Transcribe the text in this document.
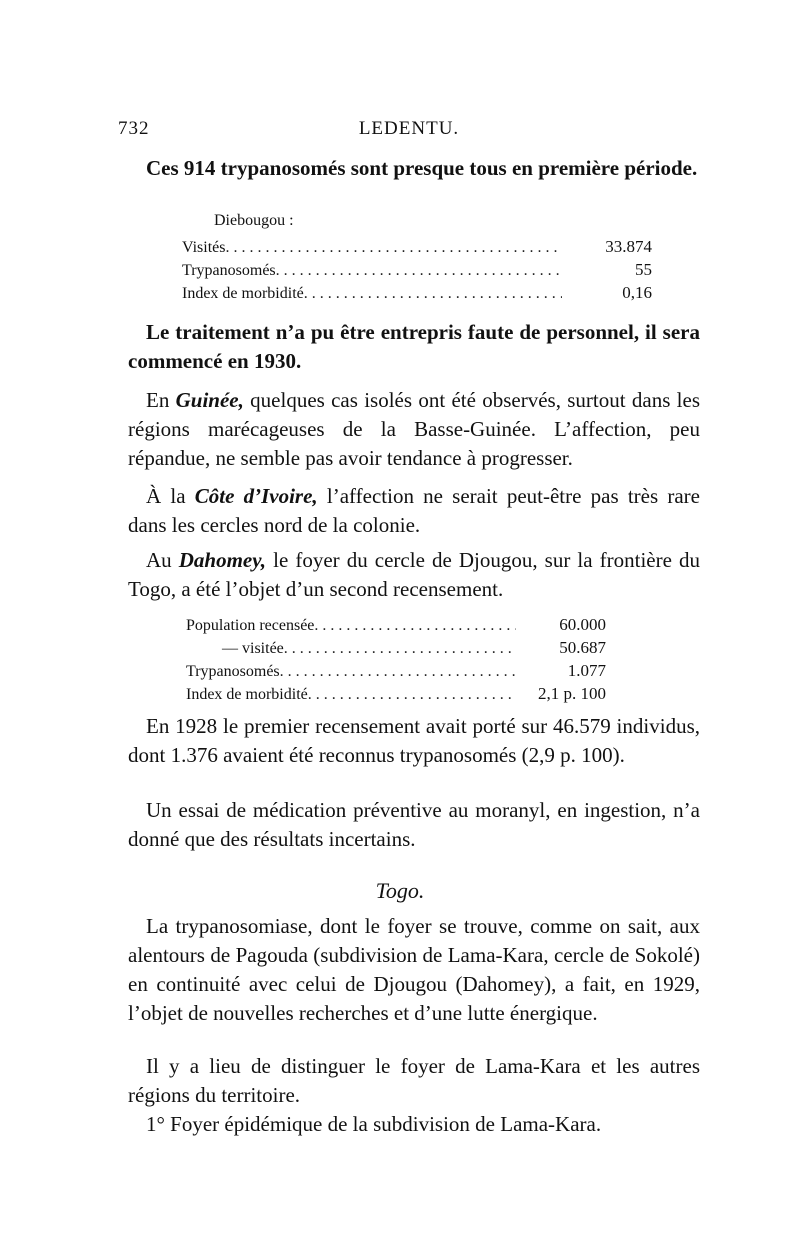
732	LEDENTU.

Ces 914 trypanosomés sont presque tous en première période.

Diebougou :
Visités . . .	33.874
Trypanosomés . . .	55
Index de morbidité . . .	0,16

Le traitement n’a pu être entrepris faute de personnel, il sera commencé en 1930.

En Guinée, quelques cas isolés ont été observés, surtout dans les régions marécageuses de la Basse-Guinée. L’affection, peu répandue, ne semble pas avoir tendance à progresser.

À la Côte d’Ivoire, l’affection ne serait peut-être pas très rare dans les cercles nord de la colonie.

Au Dahomey, le foyer du cercle de Djougou, sur la frontière du Togo, a été l’objet d’un second recensement.

Population recensée . . .	60.000
— visitée . . .	50.687
Trypanosomés . . .	1.077
Index de morbidité . . .	2,1 p. 100

En 1928 le premier recensement avait porté sur 46.579 individus, dont 1.376 avaient été reconnus trypanosomés (2,9 p. 100).

Un essai de médication préventive au moranyl, en ingestion, n’a donné que des résultats incertains.

Togo.

La trypanosomiase, dont le foyer se trouve, comme on sait, aux alentours de Pagouda (subdivision de Lama-Kara, cercle de Sokolé) en continuité avec celui de Djougou (Dahomey), a fait, en 1929, l’objet de nouvelles recherches et d’une lutte énergique.

Il y a lieu de distinguer le foyer de Lama-Kara et les autres régions du territoire.

1° Foyer épidémique de la subdivision de Lama-Kara.
